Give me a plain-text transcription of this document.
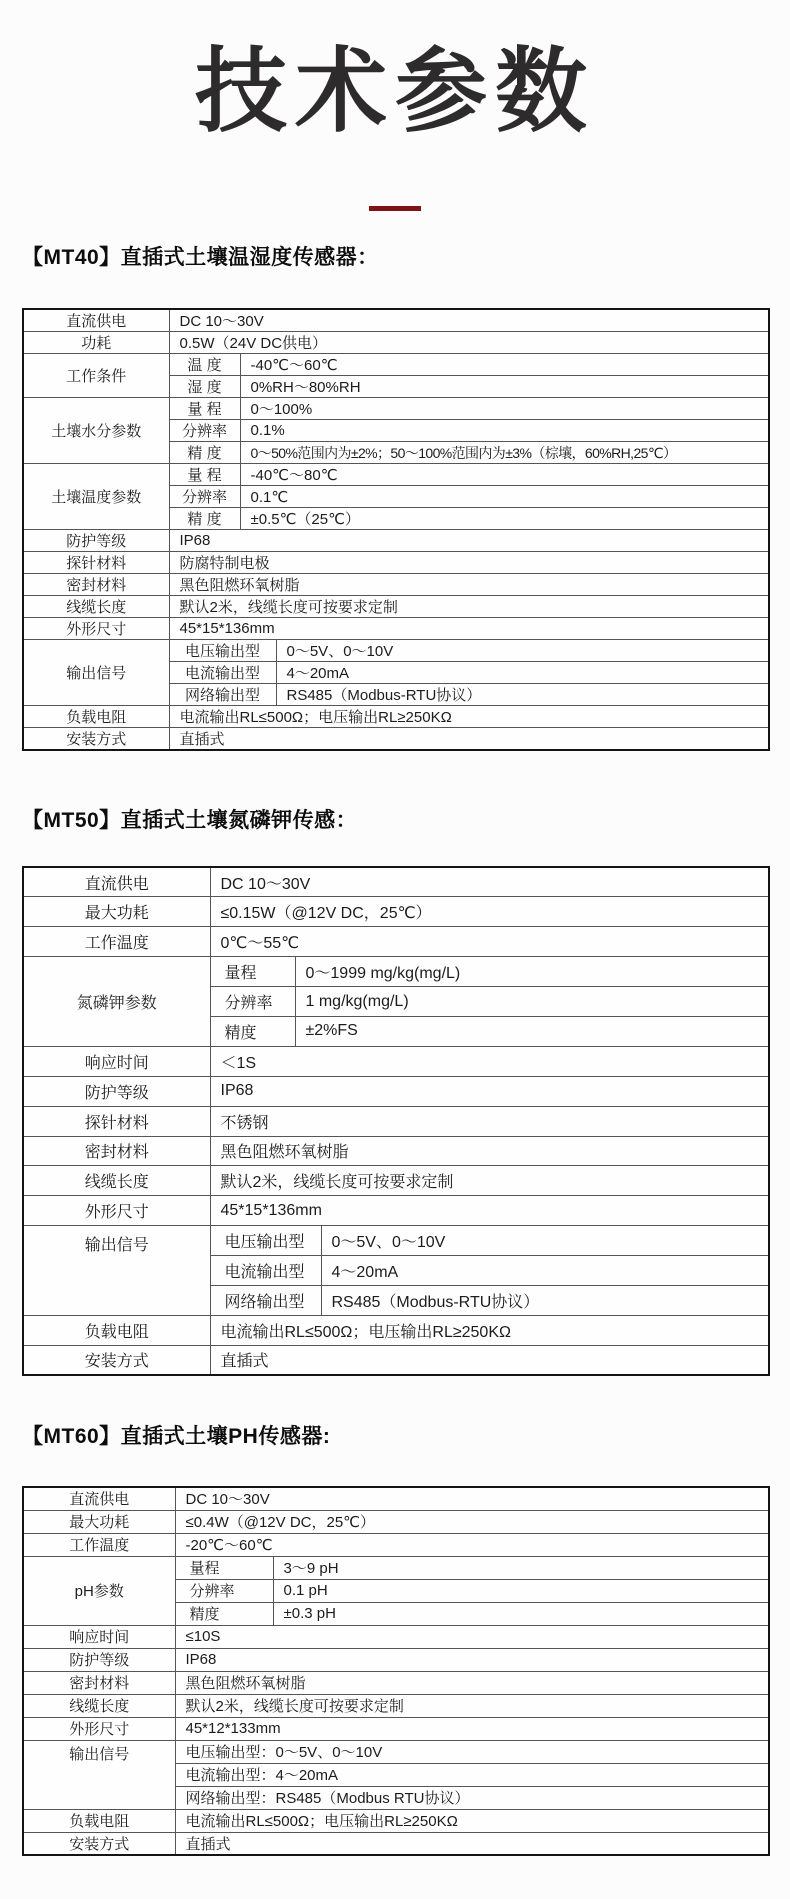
技术参数
【MT40】直插式土壤温湿度传感器：
直流供电	DC 10～30V		
功耗	0.5W（24V DC供电）		
工作条件	温 度	-40℃～60℃	
	湿 度	0%RH～80%RH	
土壤水分参数	量 程	0～100%	
	分辨率	0.1%	
	精 度	0～50%范围内为±2%；50～100%范围内为±3%（棕壤，60%RH,25℃）	
土壤温度参数	量 程	-40℃～80℃	
	分辨率	0.1℃	
	精 度	±0.5℃（25℃）	
防护等级	IP68		
探针材料	防腐特制电极		
密封材料	黑色阻燃环氧树脂		
线缆长度	默认2米，线缆长度可按要求定制		
外形尺寸	45*15*136mm		
输出信号	电压输出型		0～5V、0～10V
	电流输出型		4～20mA
	网络输出型		RS485（Modbus-RTU协议）
负载电阻	电流输出RL≤500Ω；电压输出RL≥250KΩ		
安装方式	直插式		
【MT50】直插式土壤氮磷钾传感：
直流供电	DC 10～30V		
最大功耗	≤0.15W（@12V DC，25℃）		
工作温度	0℃～55℃		
氮磷钾参数	量程	0～1999 mg/kg(mg/L)	
	分辨率	1 mg/kg(mg/L)	
	精度	±2%FS	
响应时间	＜1S		
防护等级	IP68		
探针材料	不锈钢		
密封材料	黑色阻燃环氧树脂		
线缆长度	默认2米，线缆长度可按要求定制		
外形尺寸	45*15*136mm		
输出信号	电压输出型		0～5V、0～10V
	电流输出型		4～20mA
	网络输出型		RS485（Modbus-RTU协议）
负载电阻	电流输出RL≤500Ω；电压输出RL≥250KΩ		
安装方式	直插式		
【MT60】直插式土壤PH传感器:
直流供电	DC 10～30V	
最大功耗	≤0.4W（@12V DC，25℃）	
工作温度	-20℃～60℃	
pH参数	量程	3～9 pH
	分辨率	0.1 pH
	精度	±0.3 pH
响应时间	≤10S	
防护等级	IP68	
密封材料	黑色阻燃环氧树脂	
线缆长度	默认2米，线缆长度可按要求定制	
外形尺寸	45*12*133mm	
输出信号	电压输出型：0～5V、0～10V	
	电流输出型：4～20mA	
	网络输出型：RS485（Modbus RTU协议）	
负载电阻	电流输出RL≤500Ω；电压输出RL≥250KΩ	
安装方式	直插式	
